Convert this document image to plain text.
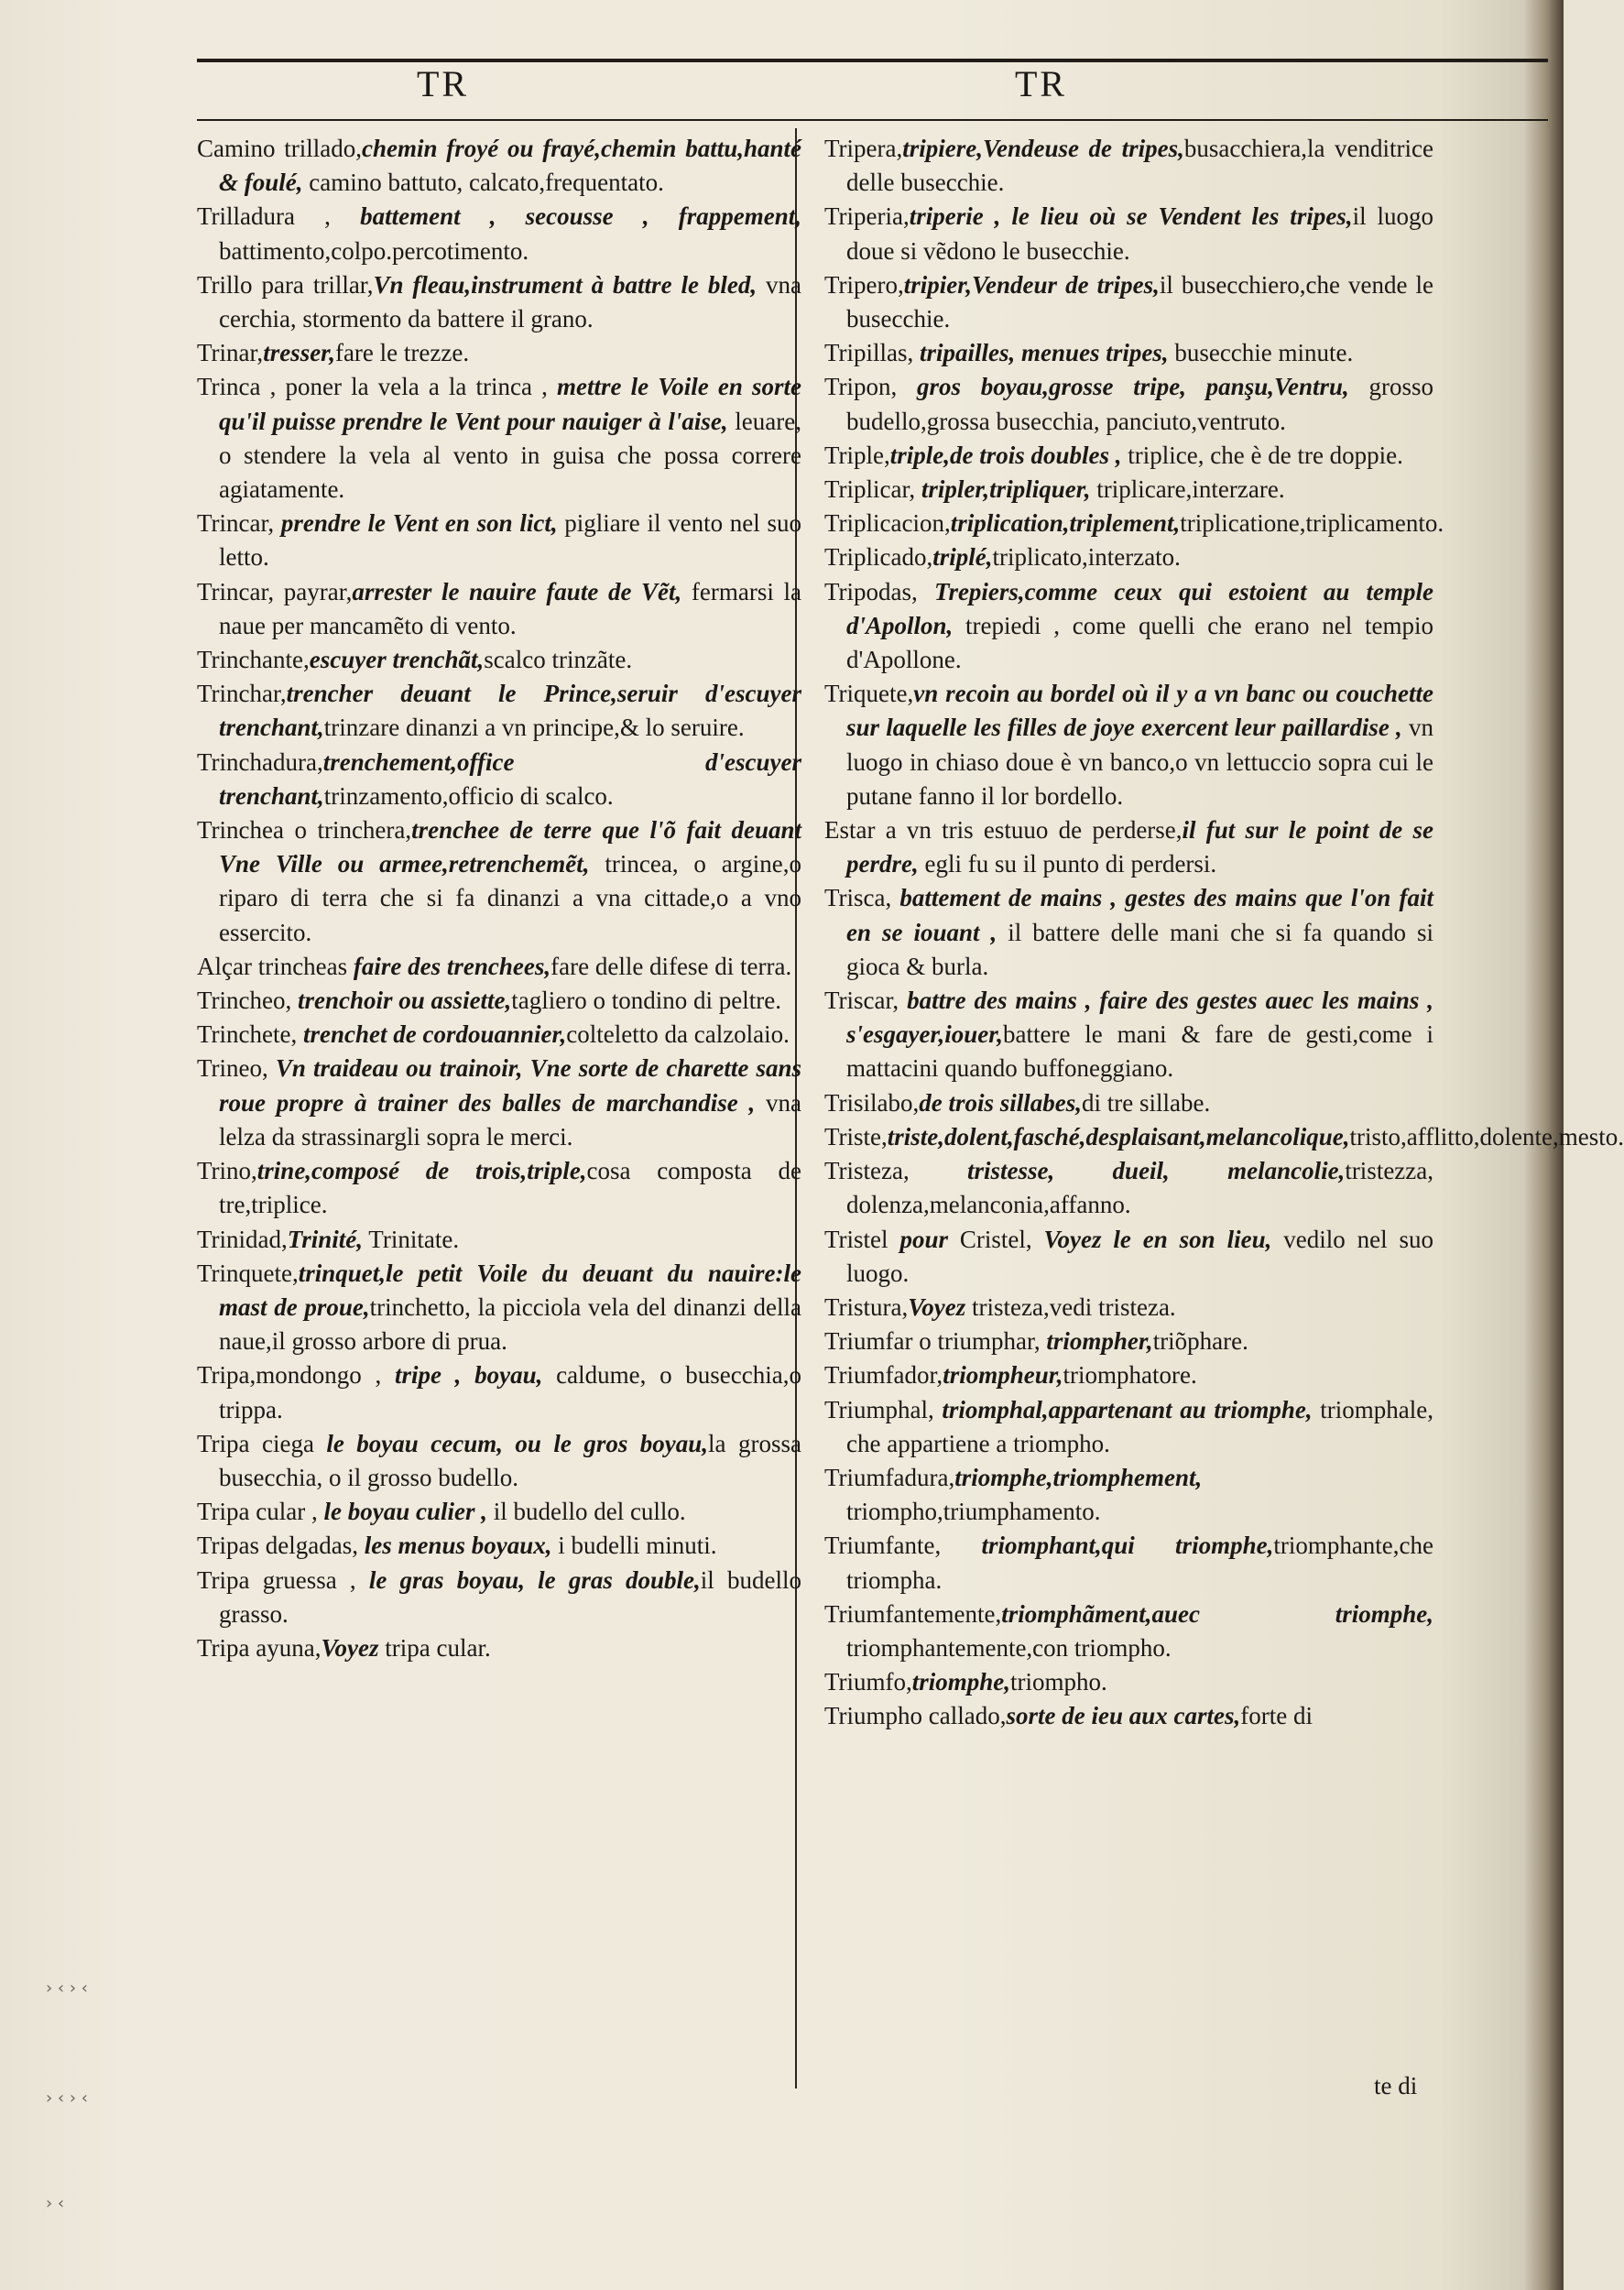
TR	TR

Camino trillado,chemin froyé ou frayé,chemin battu,hanté & foulé, camino battuto, calcato,frequentato.

Trilladura , battement , secousse , frappement, battimento,colpo.percotimento.

Trillo para trillar,Vn fleau,instrument à battre le bled, vna cerchia, stormento da battere il grano.

Trinar,tresser,fare le trezze.

Trinca , poner la vela a la trinca , mettre le Voile en sorte qu'il puisse prendre le Vent pour nauiger à l'aise, leuare, o stendere la vela al vento in guisa che possa correre agiatamente.

Trincar, prendre le Vent en son lict, pigliare il vento nel suo letto.

Trincar, payrar,arrester le nauire faute de Vẽt, fermarsi la naue per mancamẽto di vento.

Trinchante,escuyer trenchãt,scalco trinzãte.

Trinchar,trencher deuant le Prince,seruir d'escuyer trenchant,trinzare dinanzi a vn principe,& lo seruire.

Trinchadura,trenchement,office d'escuyer trenchant,trinzamento,officio di scalco.

Trinchea o trinchera,trenchee de terre que l'õ fait deuant Vne Ville ou armee,retrenchemẽt, trincea, o argine,o riparo di terra che si fa dinanzi a vna cittade,o a vno essercito.

Alçar trincheas faire des trenchees,fare delle difese di terra.

Trincheo, trenchoir ou assiette,tagliero o tondino di peltre.

Trinchete, trenchet de cordouannier,colteletto da calzolaio.

Trineo, Vn traideau ou trainoir, Vne sorte de charette sans roue propre à trainer des balles de marchandise , vna lelza da strassinargli sopra le merci.

Trino,trine,composé de trois,triple,cosa composta de tre,triplice.

Trinidad,Trinité, Trinitate.

Trinquete,trinquet,le petit Voile du deuant du nauire:le mast de proue,trinchetto, la picciola vela del dinanzi della naue,il grosso arbore di prua.

Tripa,mondongo , tripe , boyau, caldume, o busecchia,o trippa.

Tripa ciega le boyau cecum, ou le gros boyau,la grossa busecchia, o il grosso budello.

Tripa cular , le boyau culier , il budello del cullo.

Tripas delgadas, les menus boyaux, i budelli minuti.

Tripa gruessa , le gras boyau, le gras double,il budello grasso.

Tripa ayuna,Voyez tripa cular.

Tripera,tripiere,Vendeuse de tripes,busacchiera,la venditrice delle busecchie.

Triperia,triperie , le lieu où se Vendent les tripes,il luogo doue si vẽdono le busecchie.

Tripero,tripier,Vendeur de tripes,il busecchiero,che vende le busecchie.

Tripillas, tripailles, menues tripes, busecchie minute.

Tripon, gros boyau,grosse tripe, panşu,Ventru, grosso budello,grossa busecchia, panciuto,ventruto.

Triple,triple,de trois doubles , triplice, che è de tre doppie.

Triplicar, tripler,tripliquer, triplicare,interzare.

Triplicacion,triplication,triplement,triplicatione,triplicamento.

Triplicado,triplé,triplicato,interzato.

Tripodas, Trepiers,comme ceux qui estoient au temple d'Apollon, trepiedi , come quelli che erano nel tempio d'Apollone.

Triquete,vn recoin au bordel où il y a vn banc ou couchette sur laquelle les filles de joye exercent leur paillardise , vn luogo in chiaso doue è vn banco,o vn lettuccio sopra cui le putane fanno il lor bordello.

Estar a vn tris estuuo de perderse,il fut sur le point de se perdre, egli fu su il punto di perdersi.

Trisca, battement de mains , gestes des mains que l'on fait en se iouant , il battere delle mani che si fa quando si gioca & burla.

Triscar, battre des mains , faire des gestes auec les mains , s'esgayer,iouer,battere le mani & fare de gesti,come i mattacini quando buffoneggiano.

Trisilabo,de trois sillabes,di tre sillabe.

Triste,triste,dolent,fasché,desplaisant,melancolique,tristo,afflitto,dolente,mesto.

Tristeza, tristesse, dueil, melancolie,tristezza, dolenza,melanconia,affanno.

Tristel pour Cristel, Voyez le en son lieu, vedilo nel suo luogo.

Tristura,Voyez tristeza,vedi tristeza.

Triumfar o triumphar, triompher,triõphare.

Triumfador,triompheur,triomphatore.

Triumphal, triomphal,appartenant au triomphe, triomphale, che appartiene a triompho.

Triumfadura,triomphe,triomphement, triompho,triumphamento.

Triumfante, triomphant,qui triomphe,triomphante,che triompha.

Triumfantemente,triomphãment,auec triomphe, triomphantemente,con triompho.

Triumfo,triomphe,triompho.

Triumpho callado,sorte de ieu aux cartes,forte di

te di
› ‹ › ‹
› ‹ › ‹
› ‹
